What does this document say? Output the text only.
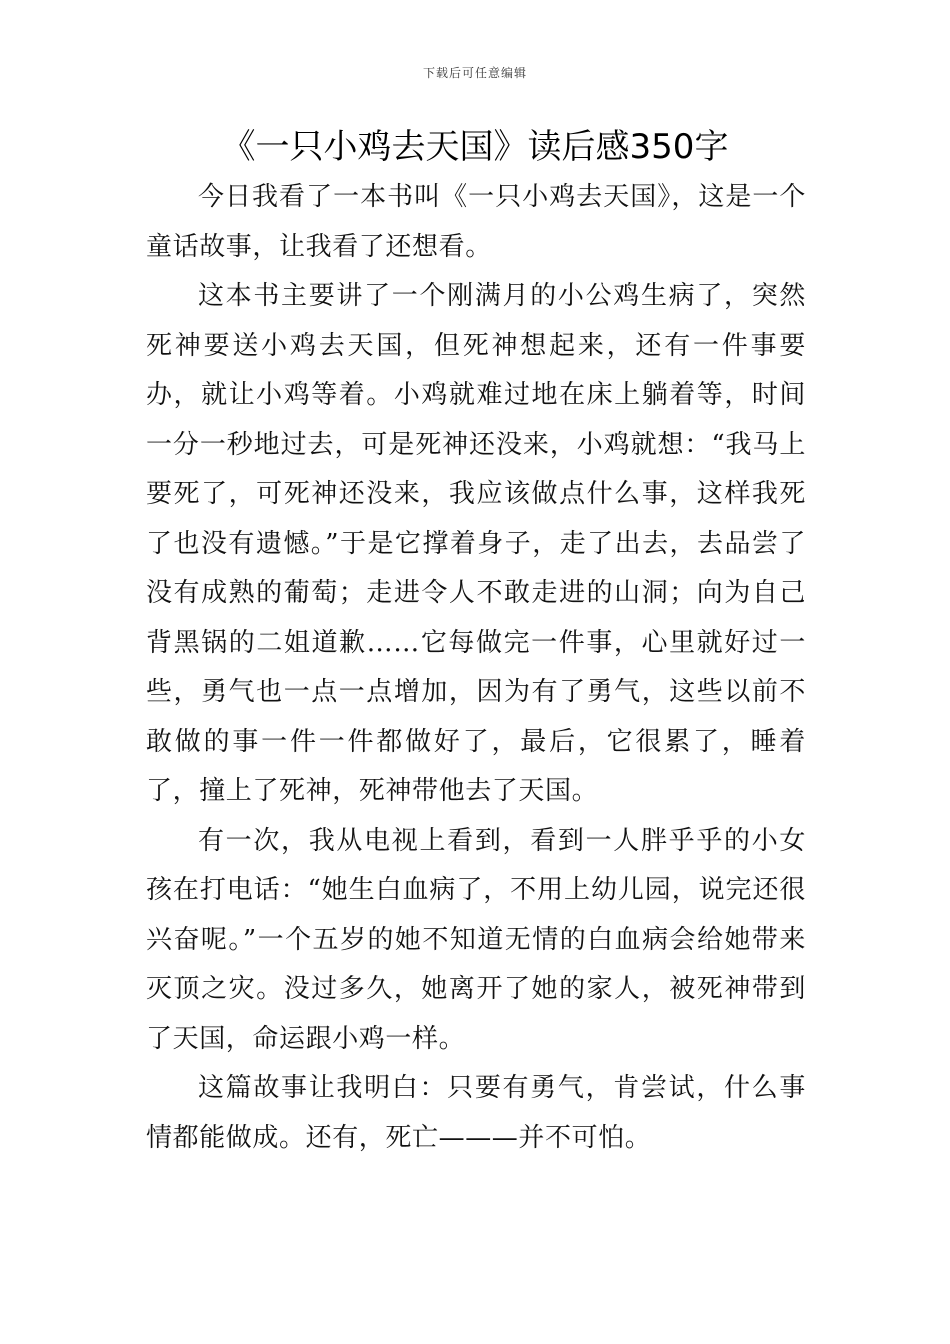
下载后可任意编辑
《一只小鸡去天国》读后感350字

今日我看了一本书叫《一只小鸡去天国》，这是一个童话故事，让我看了还想看。

这本书主要讲了一个刚满月的小公鸡生病了，突然死神要送小鸡去天国，但死神想起来，还有一件事要办，就让小鸡等着。小鸡就难过地在床上躺着等，时间一分一秒地过去，可是死神还没来，小鸡就想：“我马上要死了，可死神还没来，我应该做点什么事，这样我死了也没有遗憾。”于是它撑着身子，走了出去，去品尝了没有成熟的葡萄；走进令人不敢走进的山洞；向为自己背黑锅的二姐道歉……它每做完一件事，心里就好过一些，勇气也一点一点增加，因为有了勇气，这些以前不敢做的事一件一件都做好了，最后，它很累了，睡着了，撞上了死神，死神带他去了天国。

有一次，我从电视上看到，看到一人胖乎乎的小女孩在打电话：“她生白血病了，不用上幼儿园，说完还很兴奋呢。”一个五岁的她不知道无情的白血病会给她带来灭顶之灾。没过多久，她离开了她的家人，被死神带到了天国，命运跟小鸡一样。

这篇故事让我明白：只要有勇气，肯尝试，什么事情都能做成。还有，死亡———并不可怕。
